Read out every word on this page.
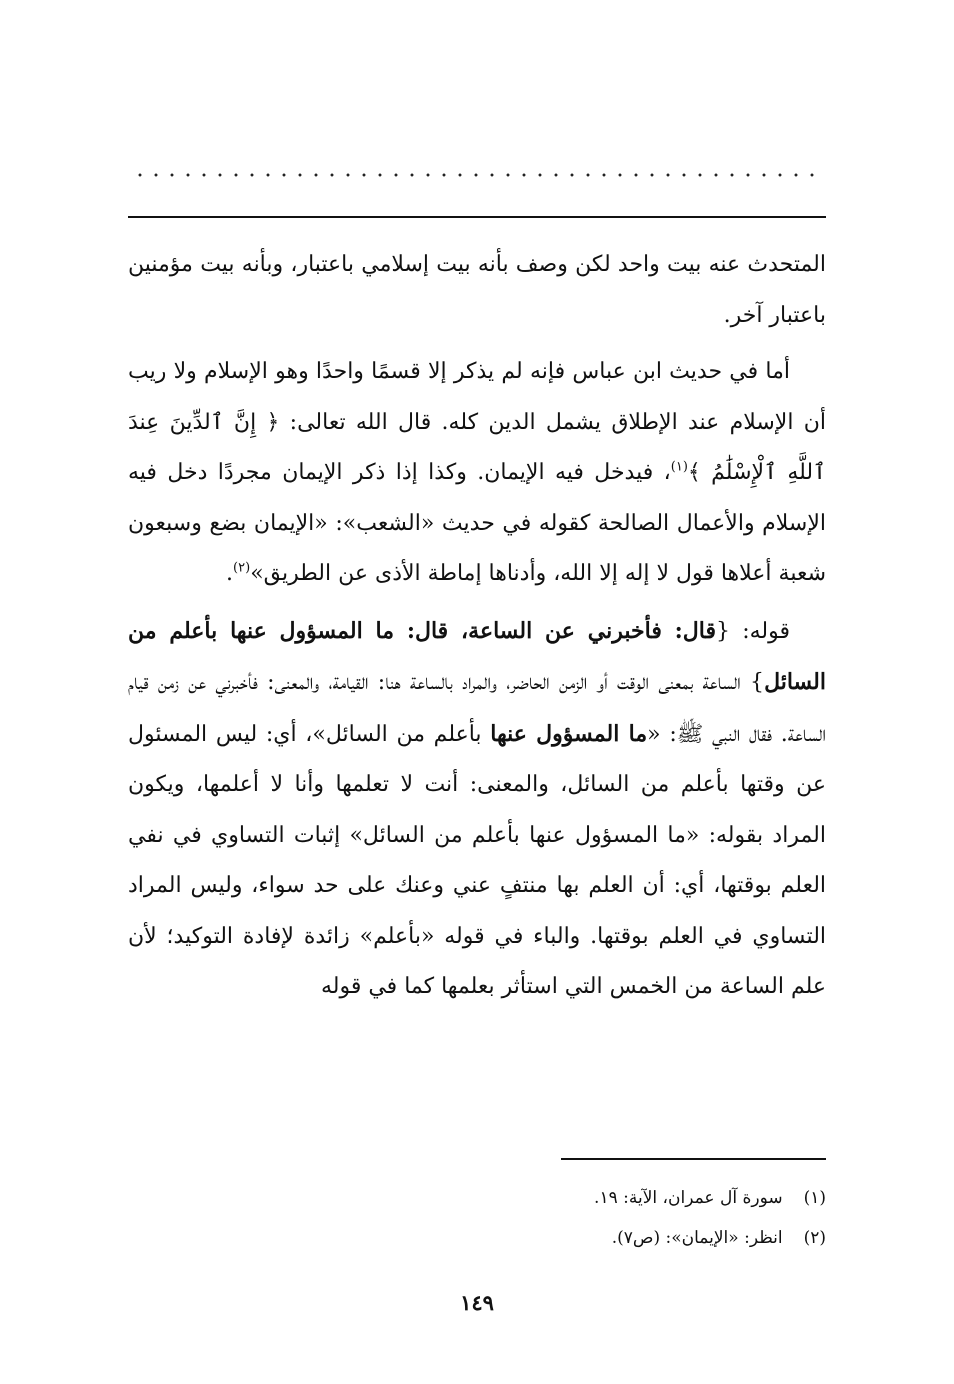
المتحدث عنه بيت واحد لكن وصف بأنه بيت إسلامي باعتبار، وبأنه بيت مؤمنين باعتبار آخر.

أما في حديث ابن عباس فإنه لم يذكر إلا قسمًا واحدًا وهو الإسلام ولا ريب أن الإسلام عند الإطلاق يشمل الدين كله. قال الله تعالى: ﴿ إِنَّ ٱلدِّينَ عِندَ ٱللَّهِ ٱلْإِسْلَٰمُ ﴾$^{(١)}$، فيدخل فيه الإيمان. وكذا إذا ذكر الإيمان مجردًا دخل فيه الإسلام والأعمال الصالحة كقوله في حديث «الشعب»: «الإيمان بضع وسبعون شعبة أعلاها قول لا إله إلا الله، وأدناها إماطة الأذى عن الطريق»$^{(٢)}$.

قوله: {قال: فأخبرني عن الساعة، قال: ما المسؤول عنها بأعلم من السائل} الساعة بمعنى الوقت أو الزمن الحاضر، والمراد بالساعة هنا: القيامة، والمعنى: فأخبرني عن زمن قيام الساعة. فقال النبي ﷺ: «ما المسؤول عنها بأعلم من السائل»، أي: ليس المسئول عن وقتها بأعلم من السائل، والمعنى: أنت لا تعلمها وأنا لا أعلمها، ويكون المراد بقوله: «ما المسؤول عنها بأعلم من السائل» إثبات التساوي في نفي العلم بوقتها، أي: أن العلم بها منتفٍ عني وعنك على حد سواء، وليس المراد التساوي في العلم بوقتها. والباء في قوله «بأعلم» زائدة لإفادة التوكيد؛ لأن علم الساعة من الخمس التي استأثر بعلمها كما في قوله

(١) سورة آل عمران، الآية: ١٩.
(٢) انظر: «الإيمان»: (ص٧).
١٤٩
